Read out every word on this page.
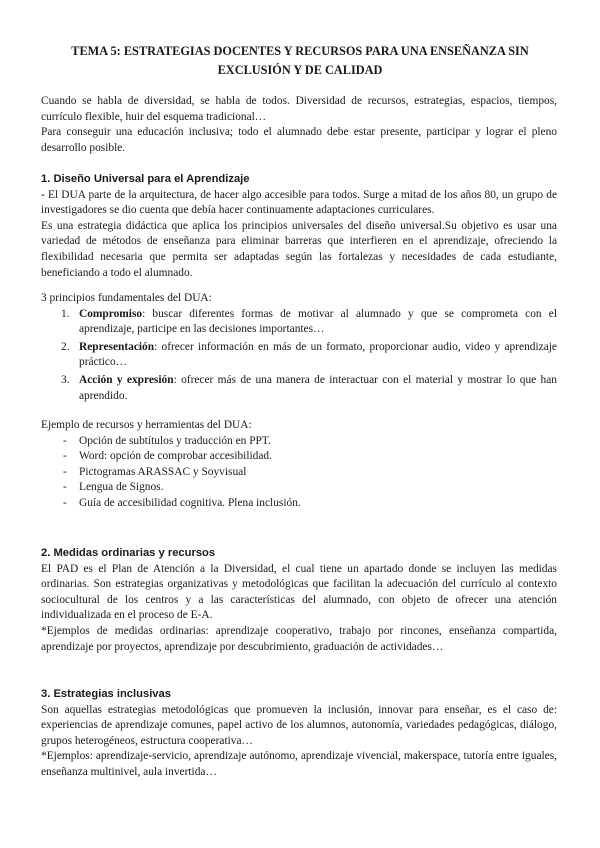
TEMA 5: ESTRATEGIAS DOCENTES Y RECURSOS PARA UNA ENSEÑANZA SIN EXCLUSIÓN Y DE CALIDAD

Cuando se habla de diversidad, se habla de todos. Diversidad de recursos, estrategias, espacios, tiempos, currículo flexible, huir del esquema tradicional…

Para conseguir una educación inclusiva; todo el alumnado debe estar presente, participar y lograr el pleno desarrollo posible.

1. Diseño Universal para el Aprendizaje

- El DUA parte de la arquitectura, de hacer algo accesible para todos. Surge a mitad de los años 80, un grupo de investigadores se dio cuenta que debía hacer continuamente adaptaciones curriculares.

Es una estrategia didáctica que aplica los principios universales del diseño universal.Su objetivo es usar una variedad de métodos de enseñanza para eliminar barreras que interfieren en el aprendizaje, ofreciendo la flexibilidad necesaria que permita ser adaptadas según las fortalezas y necesidades de cada estudiante, beneficiando a todo el alumnado.

3 principios fundamentales del DUA:

1. Compromiso: buscar diferentes formas de motivar al alumnado y que se comprometa con el aprendizaje, participe en las decisiones importantes…
2. Representación: ofrecer información en más de un formato, proporcionar audio, video y aprendizaje práctico…
3. Acción y expresión: ofrecer más de una manera de interactuar con el material y mostrar lo que han aprendido.

Ejemplo de recursos y herramientas del DUA:

- Opción de subtítulos y traducción en PPT.
- Word: opción de comprobar accesibilidad.
- Pictogramas ARASSAC y Soyvisual
- Lengua de Signos.
- Guía de accesibilidad cognitiva. Plena inclusión.
2. Medidas ordinarias y recursos

El PAD es el Plan de Atención a la Diversidad, el cual tiene un apartado donde se incluyen las medidas ordinarias. Son estrategias organizativas y metodológicas que facilitan la adecuación del currículo al contexto sociocultural de los centros y a las características del alumnado, con objeto de ofrecer una atención individualizada en el proceso de E-A.

*Ejemplos de medidas ordinarias: aprendizaje cooperativo, trabajo por rincones, enseñanza compartida, aprendizaje por proyectos, aprendizaje por descubrimiento, graduación de actividades…

3. Estrategias inclusivas

Son aquellas estrategias metodológicas que promueven la inclusión, innovar para enseñar, es el caso de: experiencias de aprendizaje comunes, papel activo de los alumnos, autonomía, variedades pedagógicas, diálogo, grupos heterogéneos, estructura cooperativa…

*Ejemplos: aprendizaje-servicio, aprendizaje autónomo, aprendizaje vivencial, makerspace, tutoría entre iguales, enseñanza multinivel, aula invertida…
